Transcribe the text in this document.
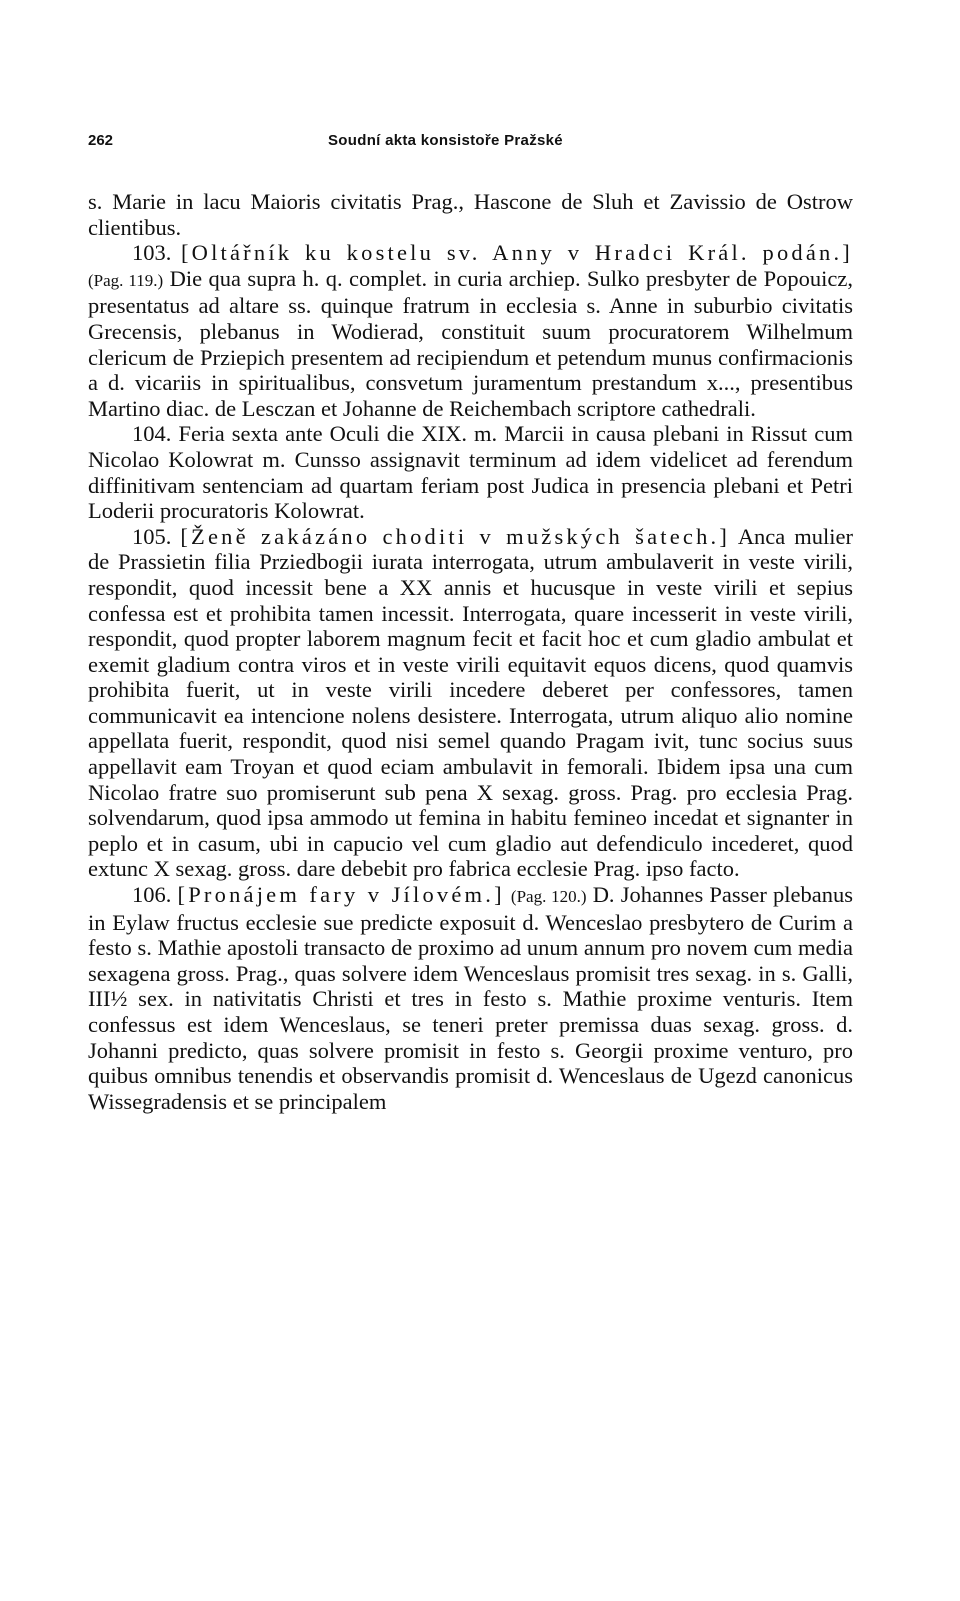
262	Soudní akta konsistoře Pražské

s. Marie in lacu Maioris civitatis Prag., Hascone de Sluh et Zavissio de Ostrow clientibus.

103. [Oltářník ku kostelu sv. Anny v Hradci Král. podán.] (Pag. 119.) Die qua supra h. q. complet. in curia archiep. Sulko presbyter de Popouicz, presentatus ad altare ss. quinque fratrum in ecclesia s. Anne in suburbio civitatis Grecensis, plebanus in Wodierad, constituit suum procuratorem Wilhelmum clericum de Prziepich presentem ad recipiendum et petendum munus confirmacionis a d. vicariis in spiritualibus, consvetum juramentum prestandum x..., presentibus Martino diac. de Lesczan et Johanne de Reichembach scriptore cathedrali.

104. Feria sexta ante Oculi die XIX. m. Marcii in causa plebani in Rissut cum Nicolao Kolowrat m. Cunsso assignavit terminum ad idem videlicet ad ferendum diffinitivam sentenciam ad quartam feriam post Judica in presencia plebani et Petri Loderii procuratoris Kolowrat.

105. [Ženě zakázáno choditi v mužských šatech.] Anca mulier de Prassietin filia Prziedbogii iurata interrogata, utrum ambulaverit in veste virili, respondit, quod incessit bene a XX annis et hucusque in veste virili et sepius confessa est et prohibita tamen incessit. Interrogata, quare incesserit in veste virili, respondit, quod propter laborem magnum fecit et facit hoc et cum gladio ambulat et exemit gladium contra viros et in veste virili equitavit equos dicens, quod quamvis prohibita fuerit, ut in veste virili incedere deberet per confessores, tamen communicavit ea intencione nolens desistere. Interrogata, utrum aliquo alio nomine appellata fuerit, respondit, quod nisi semel quando Pragam ivit, tunc socius suus appellavit eam Troyan et quod eciam ambulavit in femorali. Ibidem ipsa una cum Nicolao fratre suo promiserunt sub pena X sexag. gross. Prag. pro ecclesia Prag. solvendarum, quod ipsa ammodo ut femina in habitu femineo incedat et signanter in peplo et in casum, ubi in capucio vel cum gladio aut defendiculo incederet, quod extunc X sexag. gross. dare debebit pro fabrica ecclesie Prag. ipso facto.

106. [Pronájem fary v Jílovém.] (Pag. 120.) D. Johannes Passer plebanus in Eylaw fructus ecclesie sue predicte exposuit d. Wenceslao presbytero de Curim a festo s. Mathie apostoli transacto de proximo ad unum annum pro novem cum media sexagena gross. Prag., quas solvere idem Wenceslaus promisit tres sexag. in s. Galli, III½ sex. in nativitatis Christi et tres in festo s. Mathie proxime venturis. Item confessus est idem Wenceslaus, se teneri preter premissa duas sexag. gross. d. Johanni predicto, quas solvere promisit in festo s. Georgii proxime venturo, pro quibus omnibus tenendis et observandis promisit d. Wenceslaus de Ugezd canonicus Wissegradensis et se principalem
